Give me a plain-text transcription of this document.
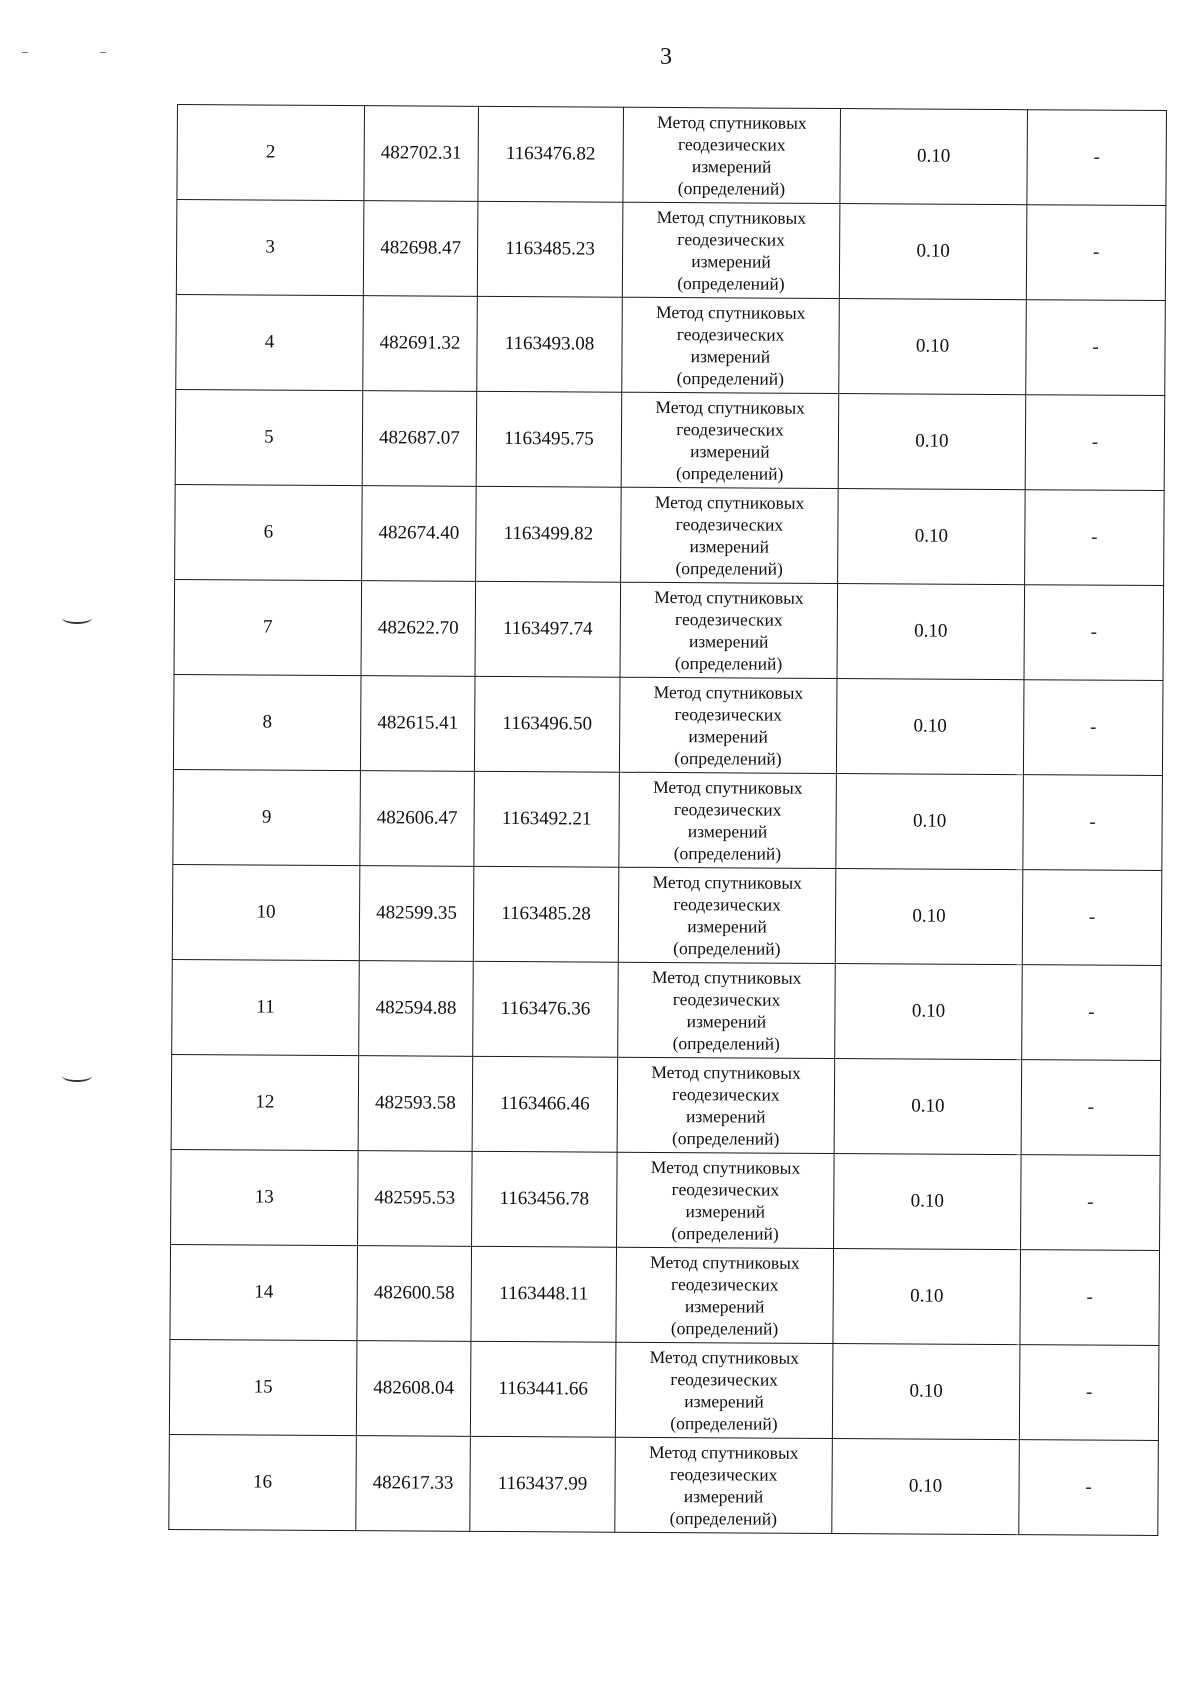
3
2	482702.31	1163476.82	Метод спутниковых
геодезических
измерений
(определений)	0.10	-
3	482698.47	1163485.23	Метод спутниковых
геодезических
измерений
(определений)	0.10	-
4	482691.32	1163493.08	Метод спутниковых
геодезических
измерений
(определений)	0.10	-
5	482687.07	1163495.75	Метод спутниковых
геодезических
измерений
(определений)	0.10	-
6	482674.40	1163499.82	Метод спутниковых
геодезических
измерений
(определений)	0.10	-
7	482622.70	1163497.74	Метод спутниковых
геодезических
измерений
(определений)	0.10	-
8	482615.41	1163496.50	Метод спутниковых
геодезических
измерений
(определений)	0.10	-
9	482606.47	1163492.21	Метод спутниковых
геодезических
измерений
(определений)	0.10	-
10	482599.35	1163485.28	Метод спутниковых
геодезических
измерений
(определений)	0.10	-
11	482594.88	1163476.36	Метод спутниковых
геодезических
измерений
(определений)	0.10	-
12	482593.58	1163466.46	Метод спутниковых
геодезических
измерений
(определений)	0.10	-
13	482595.53	1163456.78	Метод спутниковых
геодезических
измерений
(определений)	0.10	-
14	482600.58	1163448.11	Метод спутниковых
геодезических
измерений
(определений)	0.10	-
15	482608.04	1163441.66	Метод спутниковых
геодезических
измерений
(определений)	0.10	-
16	482617.33	1163437.99	Метод спутниковых
геодезических
измерений
(определений)	0.10	-
